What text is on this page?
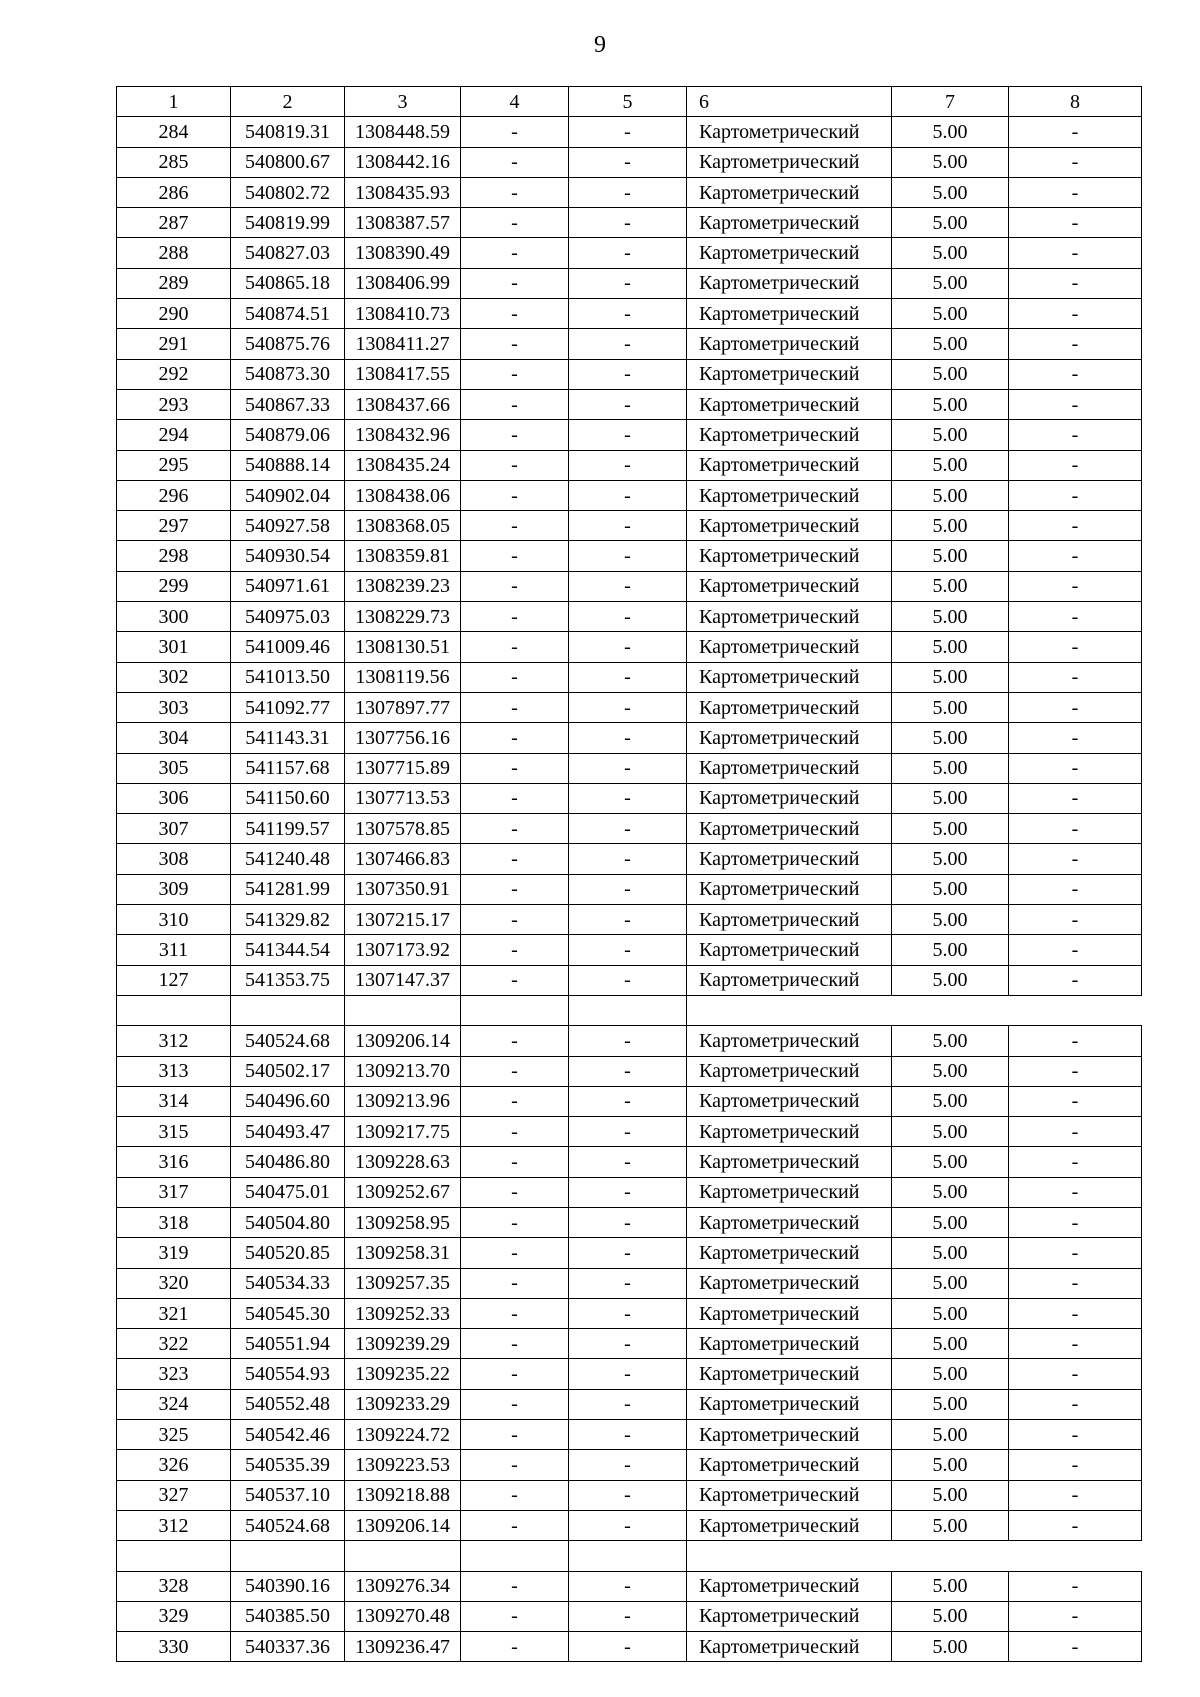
9
1	2	3	4	5	6	7	8
284	540819.31	1308448.59	-	-	Картометрический	5.00	-
285	540800.67	1308442.16	-	-	Картометрический	5.00	-
286	540802.72	1308435.93	-	-	Картометрический	5.00	-
287	540819.99	1308387.57	-	-	Картометрический	5.00	-
288	540827.03	1308390.49	-	-	Картометрический	5.00	-
289	540865.18	1308406.99	-	-	Картометрический	5.00	-
290	540874.51	1308410.73	-	-	Картометрический	5.00	-
291	540875.76	1308411.27	-	-	Картометрический	5.00	-
292	540873.30	1308417.55	-	-	Картометрический	5.00	-
293	540867.33	1308437.66	-	-	Картометрический	5.00	-
294	540879.06	1308432.96	-	-	Картометрический	5.00	-
295	540888.14	1308435.24	-	-	Картометрический	5.00	-
296	540902.04	1308438.06	-	-	Картометрический	5.00	-
297	540927.58	1308368.05	-	-	Картометрический	5.00	-
298	540930.54	1308359.81	-	-	Картометрический	5.00	-
299	540971.61	1308239.23	-	-	Картометрический	5.00	-
300	540975.03	1308229.73	-	-	Картометрический	5.00	-
301	541009.46	1308130.51	-	-	Картометрический	5.00	-
302	541013.50	1308119.56	-	-	Картометрический	5.00	-
303	541092.77	1307897.77	-	-	Картометрический	5.00	-
304	541143.31	1307756.16	-	-	Картометрический	5.00	-
305	541157.68	1307715.89	-	-	Картометрический	5.00	-
306	541150.60	1307713.53	-	-	Картометрический	5.00	-
307	541199.57	1307578.85	-	-	Картометрический	5.00	-
308	541240.48	1307466.83	-	-	Картометрический	5.00	-
309	541281.99	1307350.91	-	-	Картометрический	5.00	-
310	541329.82	1307215.17	-	-	Картометрический	5.00	-
311	541344.54	1307173.92	-	-	Картометрический	5.00	-
127	541353.75	1307147.37	-	-	Картометрический	5.00	-

312	540524.68	1309206.14	-	-	Картометрический	5.00	-
313	540502.17	1309213.70	-	-	Картометрический	5.00	-
314	540496.60	1309213.96	-	-	Картометрический	5.00	-
315	540493.47	1309217.75	-	-	Картометрический	5.00	-
316	540486.80	1309228.63	-	-	Картометрический	5.00	-
317	540475.01	1309252.67	-	-	Картометрический	5.00	-
318	540504.80	1309258.95	-	-	Картометрический	5.00	-
319	540520.85	1309258.31	-	-	Картометрический	5.00	-
320	540534.33	1309257.35	-	-	Картометрический	5.00	-
321	540545.30	1309252.33	-	-	Картометрический	5.00	-
322	540551.94	1309239.29	-	-	Картометрический	5.00	-
323	540554.93	1309235.22	-	-	Картометрический	5.00	-
324	540552.48	1309233.29	-	-	Картометрический	5.00	-
325	540542.46	1309224.72	-	-	Картометрический	5.00	-
326	540535.39	1309223.53	-	-	Картометрический	5.00	-
327	540537.10	1309218.88	-	-	Картометрический	5.00	-
312	540524.68	1309206.14	-	-	Картометрический	5.00	-

328	540390.16	1309276.34	-	-	Картометрический	5.00	-
329	540385.50	1309270.48	-	-	Картометрический	5.00	-
330	540337.36	1309236.47	-	-	Картометрический	5.00	-
